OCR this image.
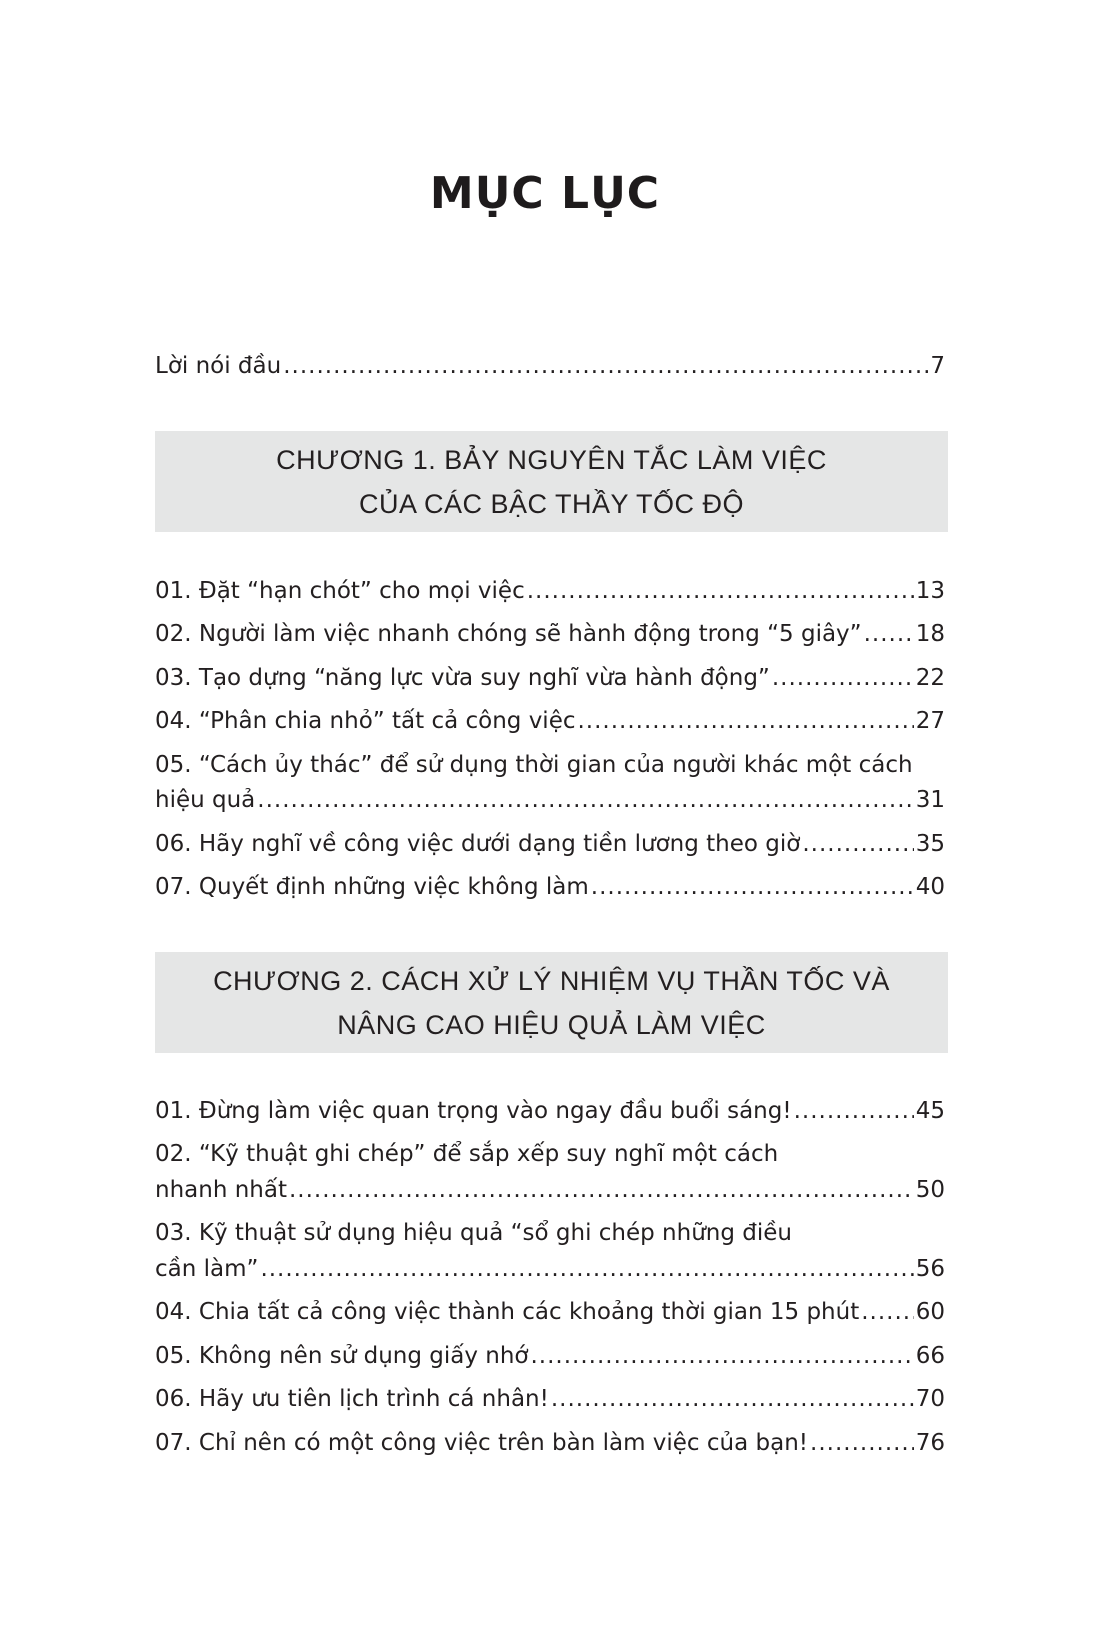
MỤC LỤC
Lời nói đầu .....	7
CHƯƠNG 1. BẢY NGUYÊN TẮC LÀM VIỆC
CỦA CÁC BẬC THẦY TỐC ĐỘ
01. Đặt “hạn chót” cho mọi việc .....	13
02. Người làm việc nhanh chóng sẽ hành động trong “5 giây” ..... 18
03. Tạo dựng “năng lực vừa suy nghĩ vừa hành động” .....	22
04. “Phân chia nhỏ” tất cả công việc .....	27
05. “Cách ủy thác” để sử dụng thời gian của người khác một cách
hiệu quả .....	31
06. Hãy nghĩ về công việc dưới dạng tiền lương theo giờ .....	35
07. Quyết định những việc không làm .....	40
CHƯƠNG 2. CÁCH XỬ LÝ NHIỆM VỤ THẦN TỐC VÀ
NÂNG CAO HIỆU QUẢ LÀM VIỆC
01. Đừng làm việc quan trọng vào ngay đầu buổi sáng! .....	45
02. “Kỹ thuật ghi chép” để sắp xếp suy nghĩ một cách
nhanh nhất .....	50
03. Kỹ thuật sử dụng hiệu quả “sổ ghi chép những điều
cần làm” .....	56
04. Chia tất cả công việc thành các khoảng thời gian 15 phút ..... 60
05. Không nên sử dụng giấy nhớ .....	66
06. Hãy ưu tiên lịch trình cá nhân! .....	70
07. Chỉ nên có một công việc trên bàn làm việc của bạn! .....	76
